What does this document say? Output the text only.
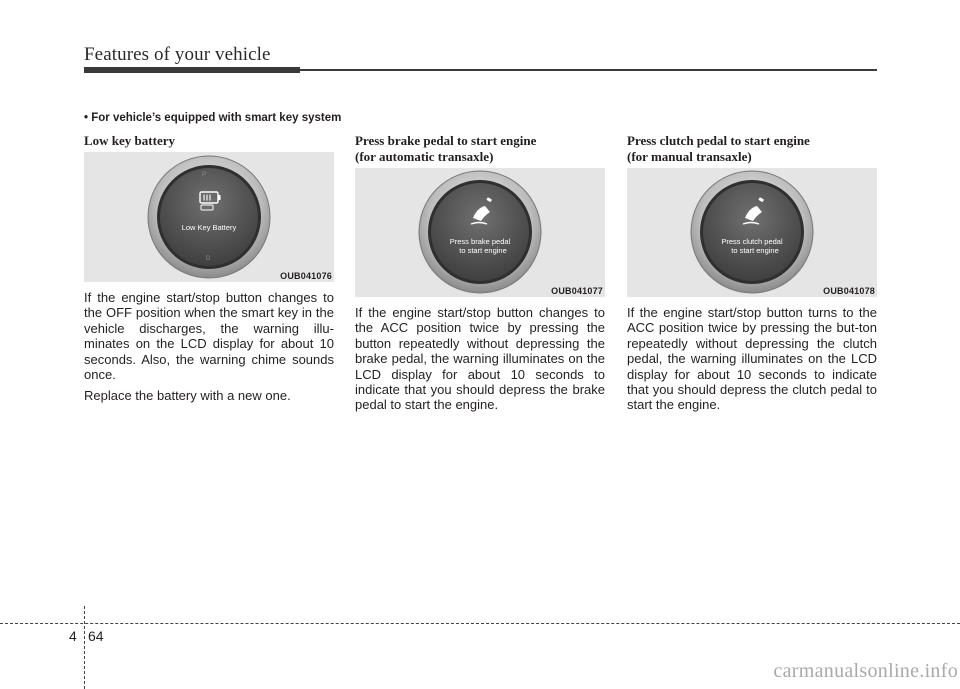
Features of your vehicle
• For vehicle’s equipped with smart key system
Low key battery
P
D
Low Key Battery
OUB041076

If the engine start/stop button changes to the OFF position when the smart key in the vehicle discharges, the warning illu-minates on the LCD display for about 10 seconds. Also, the warning chime sounds once.

Replace the battery with a new one.

Press brake pedal to start engine
(for automatic transaxle)
Press brake pedal
to start engine
OUB041077

If the engine start/stop button changes to the ACC position twice by pressing the button repeatedly without depressing the brake pedal, the warning illuminates on the LCD display for about 10 seconds to indicate that you should depress the brake pedal to start the engine.

Press clutch pedal to start engine
(for manual transaxle)
Press clutch pedal
to start engine
OUB041078

If the engine start/stop button turns to the ACC position twice by pressing the but-ton repeatedly without depressing the clutch pedal, the warning illuminates on the LCD display for about 10 seconds to indicate that you should depress the clutch pedal to start the engine.

4 64
carmanualsonline.info
